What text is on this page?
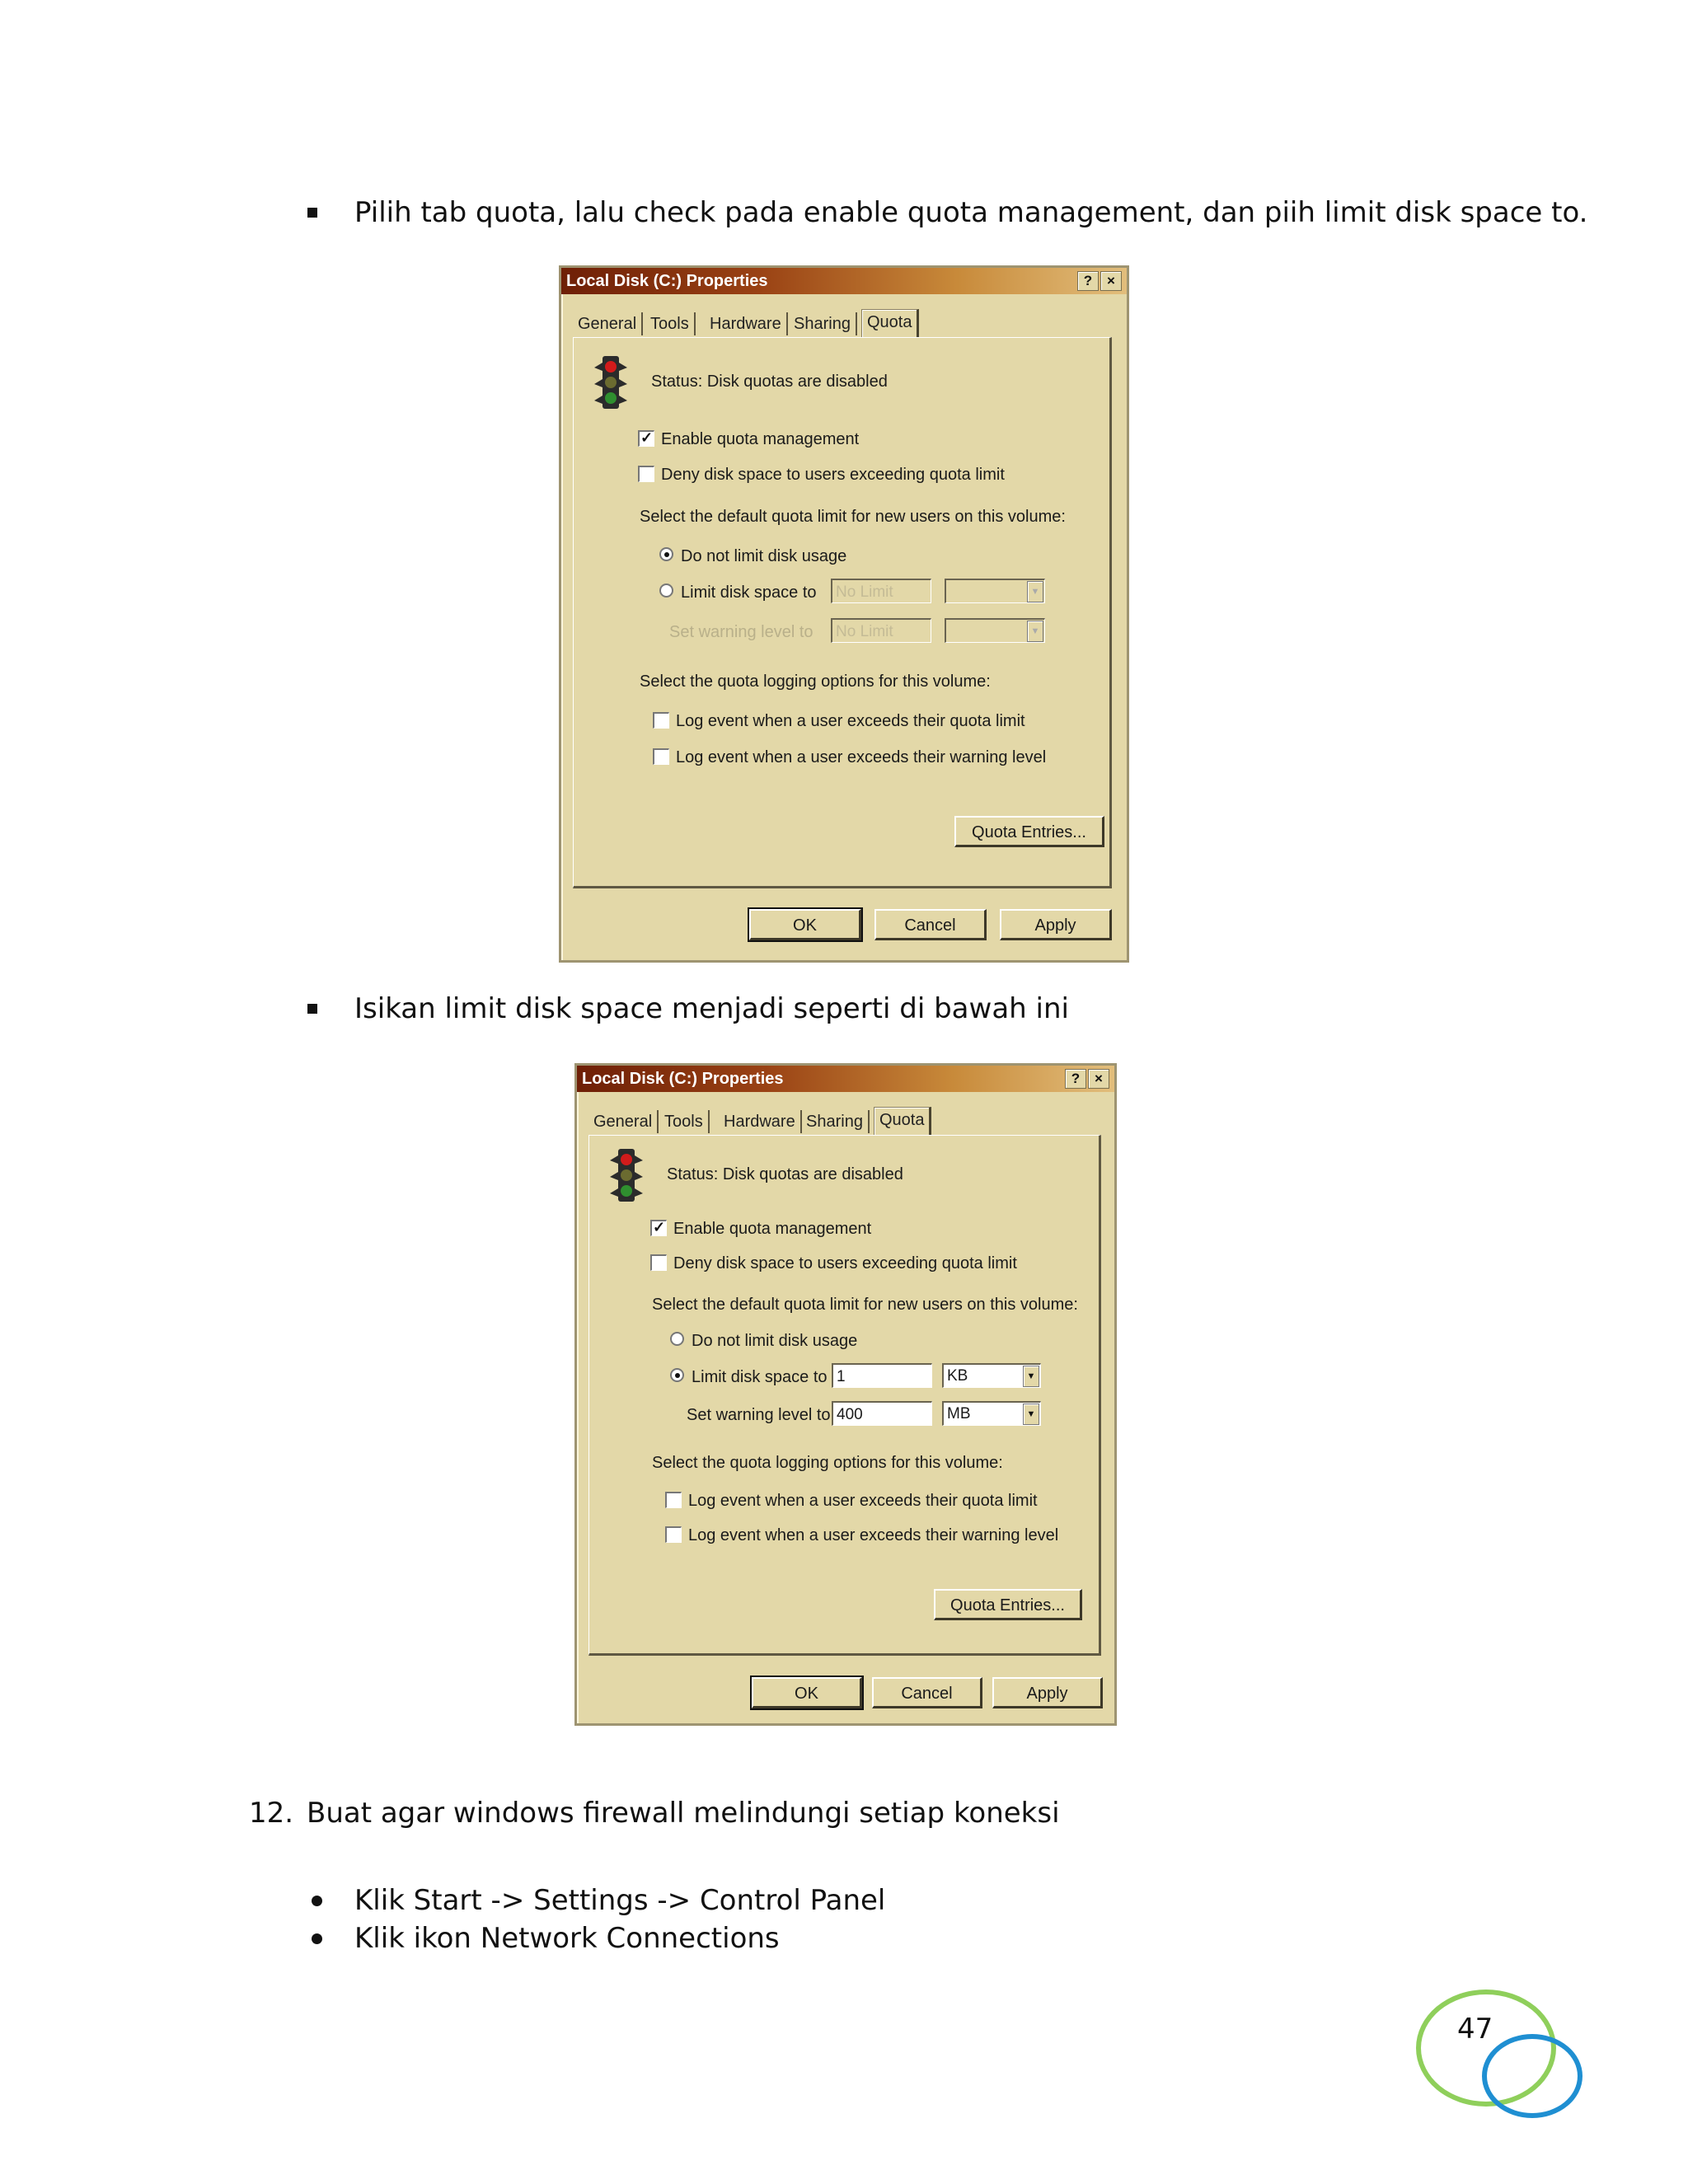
Pilih tab quota, lalu check pada enable quota management, dan piih limit disk space to.
Local Disk (C:) Properties	?	×
General Tools	Hardware Sharing	Quota
Status: Disk quotas are disabled
✓ Enable quota management
Deny disk space to users exceeding quota limit
Select the default quota limit for new users on this volume:
Do not limit disk usage
Limit disk space to	No Limit	▼
Set warning level to	No Limit	▼
Select the quota logging options for this volume:
Log event when a user exceeds their quota limit
Log event when a user exceeds their warning level
Quota Entries...
OK	Cancel	Apply
Isikan limit disk space menjadi seperti di bawah ini
Local Disk (C:) Properties	?	×
General Tools	Hardware Sharing	Quota
Status: Disk quotas are disabled
✓ Enable quota management
Deny disk space to users exceeding quota limit
Select the default quota limit for new users on this volume:
Do not limit disk usage
Limit disk space to 1	KB	▼
Set warning level to 400	MB	▼
Select the quota logging options for this volume:
Log event when a user exceeds their quota limit
Log event when a user exceeds their warning level
Quota Entries...
OK	Cancel	Apply
12. Buat agar windows firewall melindungi setiap koneksi
Klik Start -> Settings -> Control Panel
Klik ikon Network Connections
47
